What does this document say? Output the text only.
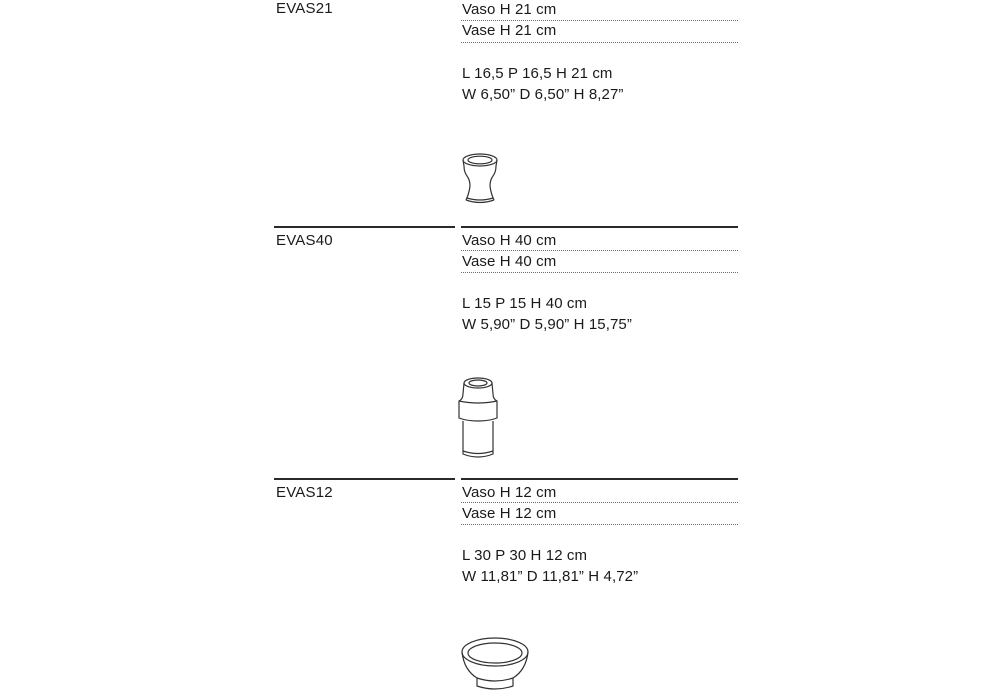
EVAS21	Vaso H 21 cm
Vase H 21 cm
L 16,5 P 16,5 H 21 cm
W 6,50” D 6,50” H 8,27”
EVAS40	Vaso H 40 cm
Vase H 40 cm
L 15 P 15 H 40 cm
W 5,90” D 5,90” H 15,75”
EVAS12	Vaso H 12 cm
Vase H 12 cm
L 30 P 30 H 12 cm
W 11,81” D 11,81” H 4,72”
